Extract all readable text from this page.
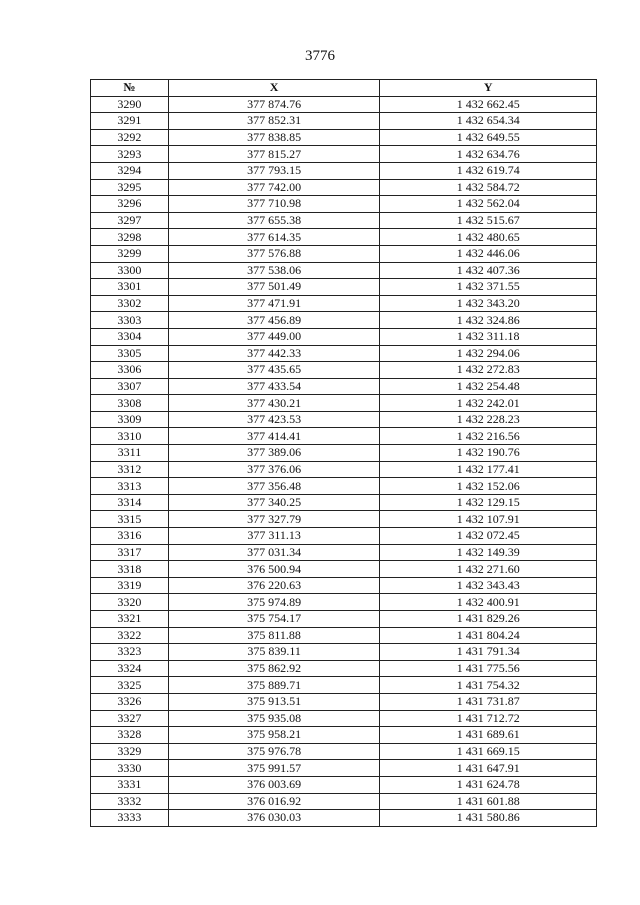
3776
№	X	Y
3290	377 874.76	1 432 662.45
3291	377 852.31	1 432 654.34
3292	377 838.85	1 432 649.55
3293	377 815.27	1 432 634.76
3294	377 793.15	1 432 619.74
3295	377 742.00	1 432 584.72
3296	377 710.98	1 432 562.04
3297	377 655.38	1 432 515.67
3298	377 614.35	1 432 480.65
3299	377 576.88	1 432 446.06
3300	377 538.06	1 432 407.36
3301	377 501.49	1 432 371.55
3302	377 471.91	1 432 343.20
3303	377 456.89	1 432 324.86
3304	377 449.00	1 432 311.18
3305	377 442.33	1 432 294.06
3306	377 435.65	1 432 272.83
3307	377 433.54	1 432 254.48
3308	377 430.21	1 432 242.01
3309	377 423.53	1 432 228.23
3310	377 414.41	1 432 216.56
3311	377 389.06	1 432 190.76
3312	377 376.06	1 432 177.41
3313	377 356.48	1 432 152.06
3314	377 340.25	1 432 129.15
3315	377 327.79	1 432 107.91
3316	377 311.13	1 432 072.45
3317	377 031.34	1 432 149.39
3318	376 500.94	1 432 271.60
3319	376 220.63	1 432 343.43
3320	375 974.89	1 432 400.91
3321	375 754.17	1 431 829.26
3322	375 811.88	1 431 804.24
3323	375 839.11	1 431 791.34
3324	375 862.92	1 431 775.56
3325	375 889.71	1 431 754.32
3326	375 913.51	1 431 731.87
3327	375 935.08	1 431 712.72
3328	375 958.21	1 431 689.61
3329	375 976.78	1 431 669.15
3330	375 991.57	1 431 647.91
3331	376 003.69	1 431 624.78
3332	376 016.92	1 431 601.88
3333	376 030.03	1 431 580.86
